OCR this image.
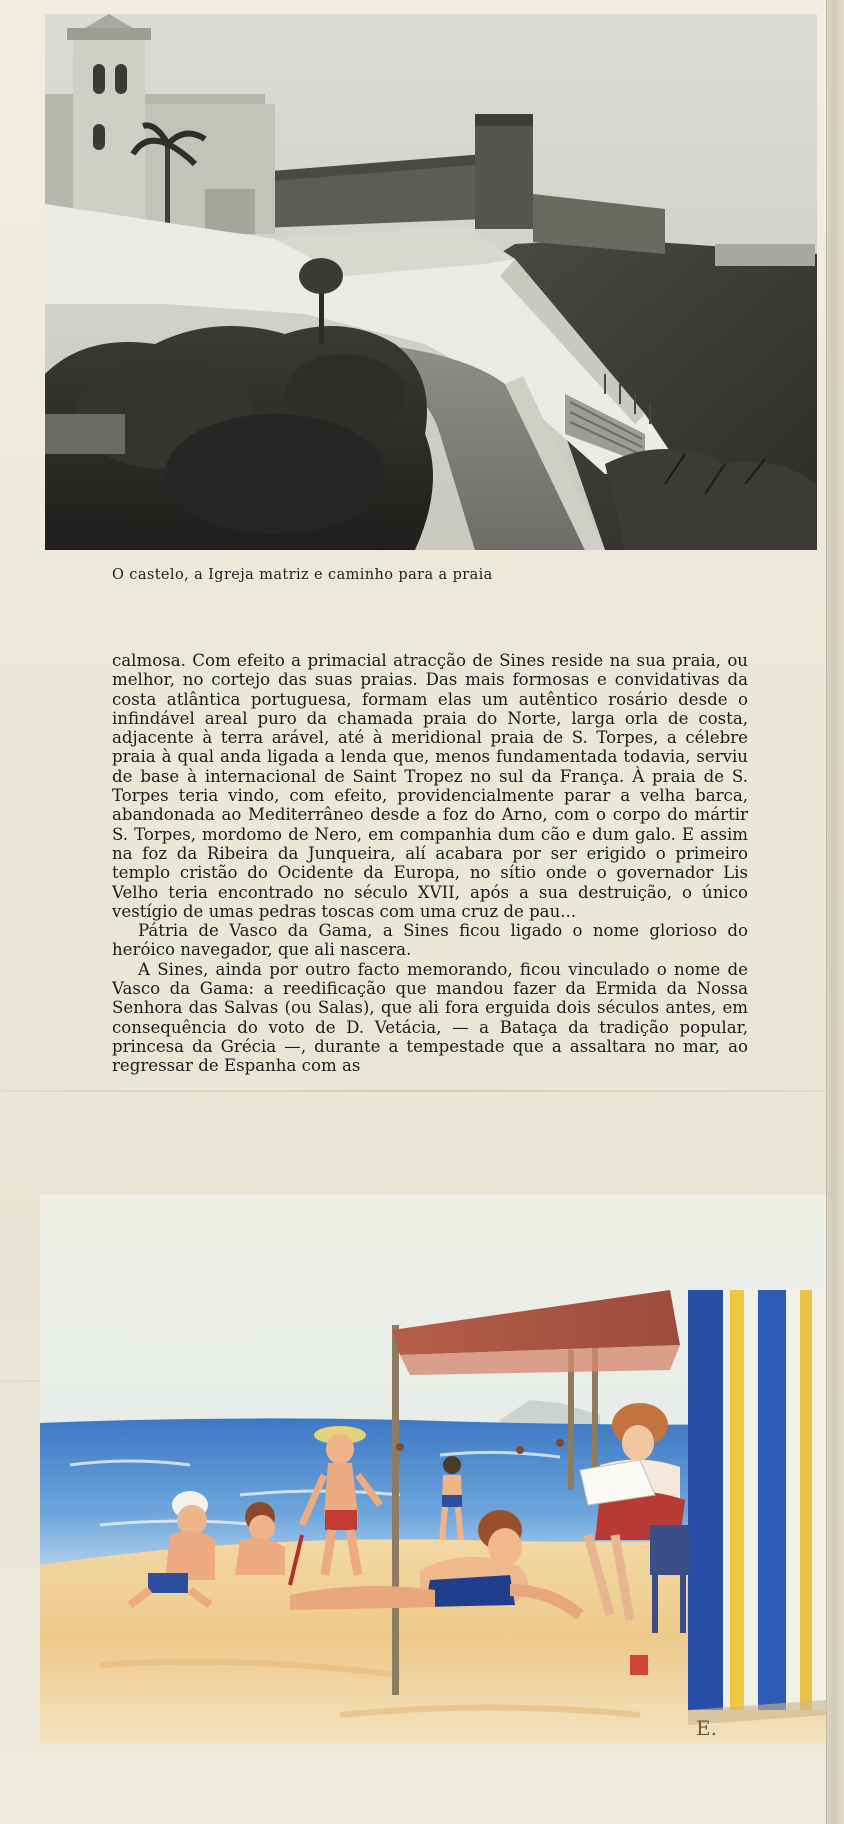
O castelo, a Igreja matriz e caminho para a praia

calmosa. Com efeito a primacial atracção de Sines reside na sua praia, ou melhor, no cortejo das suas praias. Das mais formosas e convidativas da costa atlântica portuguesa, formam elas um autêntico rosário desde o infindável areal puro da chamada praia do Norte, larga orla de costa, adjacente à terra arável, até à meridional praia de S. Torpes, a célebre praia à qual anda ligada a lenda que, menos fundamentada todavia, serviu de base à internacional de Saint Tropez no sul da França. À praia de S. Torpes teria vindo, com efeito, providencialmente parar a velha barca, abandonada ao Mediterrâneo desde a foz do Arno, com o corpo do mártir S. Torpes, mordomo de Nero, em companhia dum cão e dum galo. E assim na foz da Ribeira da Junqueira, alí acabara por ser erigido o primeiro templo cristão do Ocidente da Europa, no sítio onde o governador Lis Velho teria encontrado no século XVII, após a sua destruição, o único vestígio de umas pedras toscas com uma cruz de pau...

Pátria de Vasco da Gama, a Sines ficou ligado o nome glorioso do heróico navegador, que ali nascera.

A Sines, ainda por outro facto memorando, ficou vinculado o nome de Vasco da Gama: a reedificação que mandou fazer da Ermida da Nossa Senhora das Salvas (ou Salas), que ali fora erguida dois séculos antes, em consequência do voto de D. Vetácia, — a Bataça da tradição popular, princesa da Grécia —, durante a tempestade que a assaltara no mar, ao regressar de Espanha com as

E.
